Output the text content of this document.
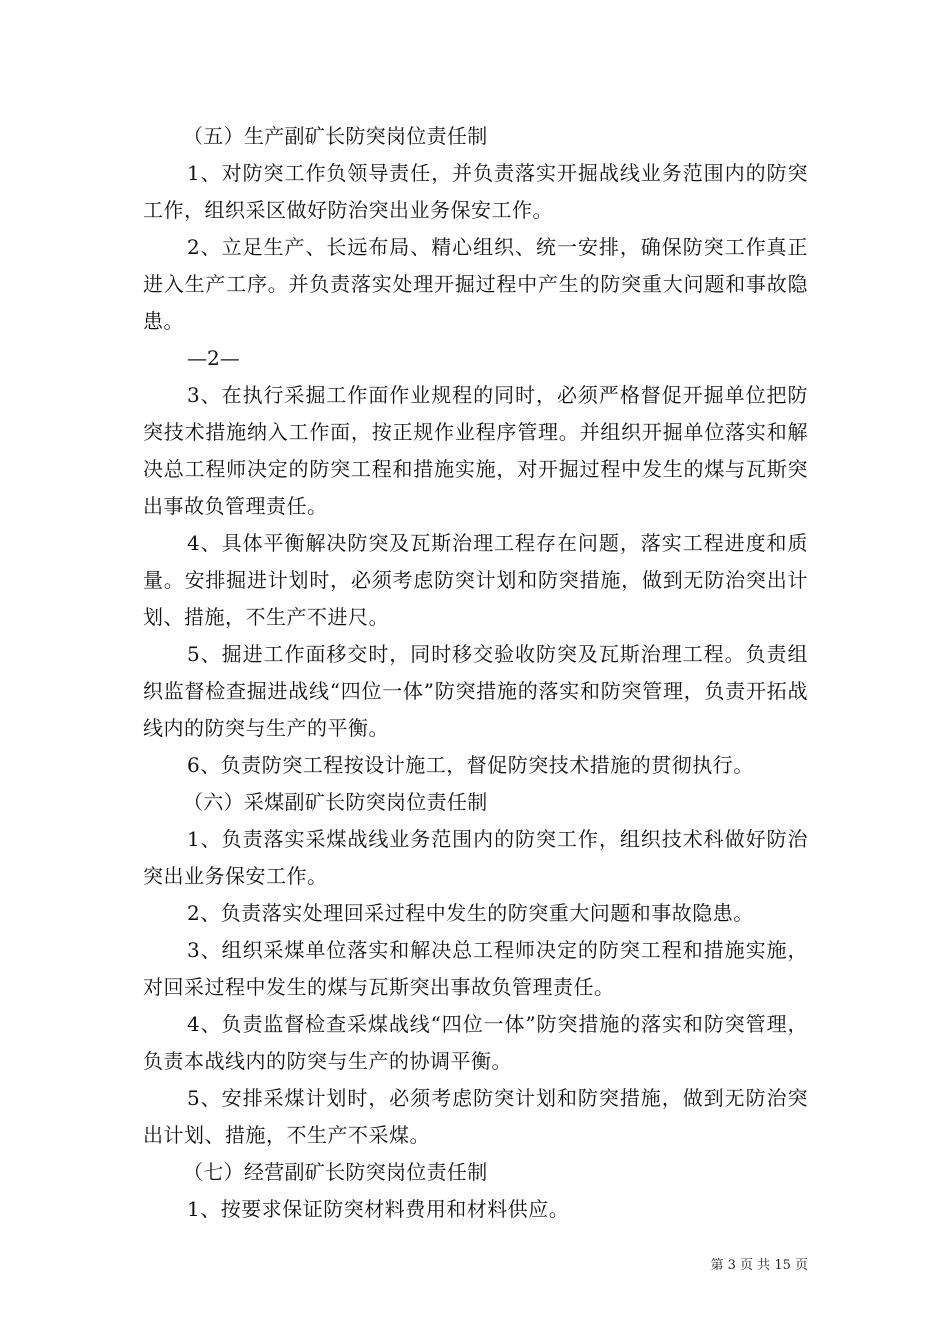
（五）生产副矿长防突岗位责任制

1、对防突工作负领导责任，并负责落实开掘战线业务范围内的防突工作，组织采区做好防治突出业务保安工作。

2、立足生产、长远布局、精心组织、统一安排，确保防突工作真正进入生产工序。并负责落实处理开掘过程中产生的防突重大问题和事故隐患。

—2—

3、在执行采掘工作面作业规程的同时，必须严格督促开掘单位把防突技术措施纳入工作面，按正规作业程序管理。并组织开掘单位落实和解决总工程师决定的防突工程和措施实施，对开掘过程中发生的煤与瓦斯突出事故负管理责任。

4、具体平衡解决防突及瓦斯治理工程存在问题，落实工程进度和质量。安排掘进计划时，必须考虑防突计划和防突措施，做到无防治突出计划、措施，不生产不进尺。

5、掘进工作面移交时，同时移交验收防突及瓦斯治理工程。负责组织监督检查掘进战线“四位一体”防突措施的落实和防突管理，负责开拓战线内的防突与生产的平衡。

6、负责防突工程按设计施工，督促防突技术措施的贯彻执行。

（六）采煤副矿长防突岗位责任制

1、负责落实采煤战线业务范围内的防突工作，组织技术科做好防治突出业务保安工作。

2、负责落实处理回采过程中发生的防突重大问题和事故隐患。

3、组织采煤单位落实和解决总工程师决定的防突工程和措施实施，对回采过程中发生的煤与瓦斯突出事故负管理责任。

4、负责监督检查采煤战线“四位一体”防突措施的落实和防突管理，负责本战线内的防突与生产的协调平衡。

5、安排采煤计划时，必须考虑防突计划和防突措施，做到无防治突出计划、措施，不生产不采煤。

（七）经营副矿长防突岗位责任制

1、按要求保证防突材料费用和材料供应。

第 3 页 共 15 页
